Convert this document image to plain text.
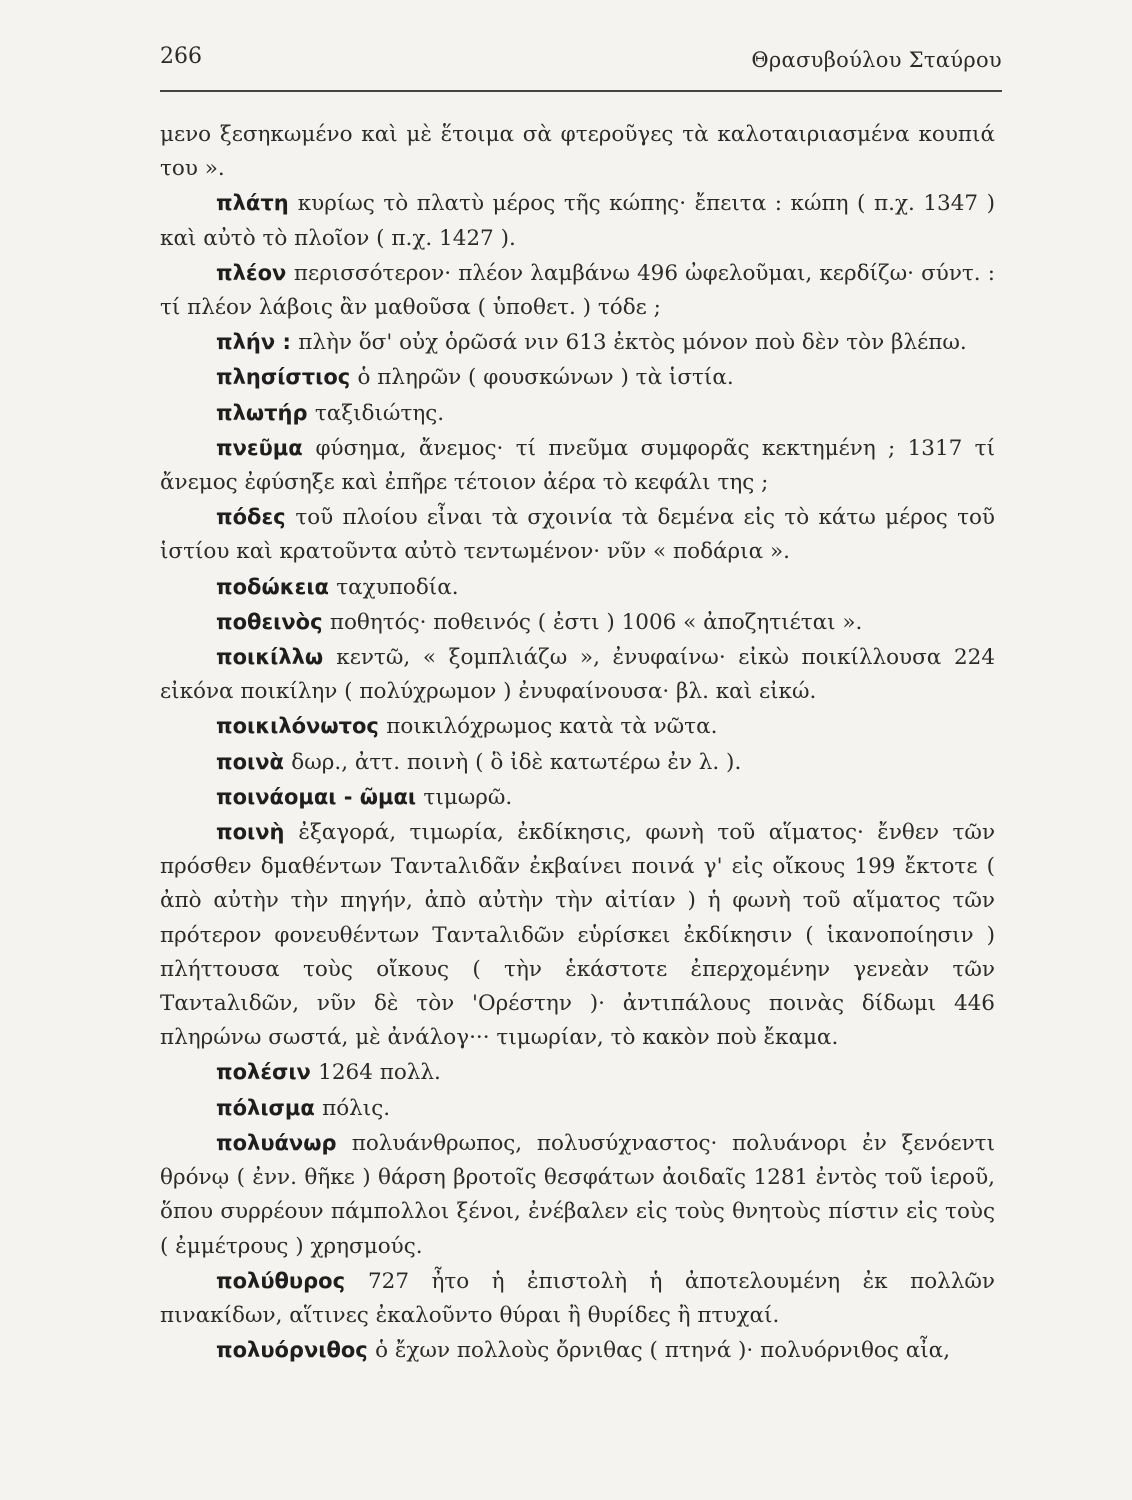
266	Θρασυβούλου Σταύρου

μενο ξεσηκωμένο καὶ μὲ ἕτοιμα σὰ φτεροῦγες τὰ καλοταιριασμένα κουπιά του ».

πλάτη κυρίως τὸ πλατὺ μέρος τῆς κώπης· ἔπειτα : κώπη ( π.χ. 1347 ) καὶ αὐτὸ τὸ πλοῖον ( π.χ. 1427 ).

πλέον περισσότερον· πλέον λαμβάνω 496 ὠφελοῦμαι, κερδίζω· σύντ. : τί πλέον λάβοις ἂν μαθοῦσα ( ὑποθετ. ) τόδε ;

πλήν : πλὴν ὅσ' οὐχ ὁρῶσά νιν 613 ἐκτὸς μόνον ποὺ δὲν τὸν βλέπω.

πλησίστιος ὁ πληρῶν ( φουσκώνων ) τὰ ἱστία.

πλωτήρ ταξιδιώτης.

πνεῦμα φύσημα, ἄνεμος· τί πνεῦμα συμφορᾶς κεκτημένη ; 1317 τί ἄνεμος ἐφύσηξε καὶ ἐπῆρε τέτοιον ἀέρα τὸ κεφάλι της ;

πόδες τοῦ πλοίου εἶναι τὰ σχοινία τὰ δεμένα εἰς τὸ κάτω μέρος τοῦ ἱστίου καὶ κρατοῦντα αὐτὸ τεντωμένον· νῦν « ποδάρια ».

ποδώκεια ταχυποδία.

ποθεινὸς ποθητός· ποθεινός ( ἐστι ) 1006 « ἀποζητιέται ».

ποικίλλω κεντῶ, « ξομπλιάζω », ἐνυφαίνω· εἰκὼ ποικίλλουσα 224 εἰκόνα ποικίλην ( πολύχρωμον ) ἐνυφαίνουσα· βλ. καὶ εἰκώ.

ποικιλόνωτος ποικιλόχρωμος κατὰ τὰ νῶτα.

ποινὰ δωρ., ἀττ. ποινὴ ( ὃ ἰδὲ κατωτέρω ἐν λ. ).

ποινάομαι - ῶμαι τιμωρῶ.

ποινὴ ἐξαγορά, τιμωρία, ἐκδίκησις, φωνὴ τοῦ αἵματος· ἔνθεν τῶν πρόσθεν δμαθέντων Ταντaλιδᾶν ἐκβαίνει ποινά γ' εἰς οἴκους 199 ἔκτοτε ( ἀπὸ αὐτὴν τὴν πηγήν, ἀπὸ αὐτὴν τὴν αἰτίαν ) ἡ φωνὴ τοῦ αἵματος τῶν πρότερον φονευθέντων Ταντaλιδῶν εὑρίσκει ἐκδίκησιν ( ἱκανοποίησιν ) πλήττουσα τοὺς οἴκους ( τὴν ἑκάστοτε ἐπερχομένην γενεὰν τῶν Ταντaλιδῶν, νῦν δὲ τὸν 'Ορέστην )· ἀντιπάλους ποινὰς δίδωμι 446 πληρώνω σωστά, μὲ ἀνάλογ··· τιμωρίαν, τὸ κακὸν ποὺ ἔκαμα.

πολέσιν 1264 πολλ.

πόλισμα πόλις.

πολυάνωρ πολυάνθρωπος, πολυσύχναστος· πολυάνορι ἐν ξενόεντι θρόνῳ ( ἐνν. θῆκε ) θάρση βροτοῖς θεσφάτων ἀοιδαῖς 1281 ἐντὸς τοῦ ἱεροῦ, ὅπου συρρέουν πάμπολλοι ξένοι, ἐνέβαλεν εἰς τοὺς θνητοὺς πίστιν εἰς τοὺς ( ἐμμέτρους ) χρησμούς.

πολύθυρος 727 ἦτο ἡ ἐπιστολὴ ἡ ἀποτελουμένη ἐκ πολλῶν πινακίδων, αἵτινες ἐκαλοῦντο θύραι ἢ θυρίδες ἢ πτυχαί.

πολυόρνιθος ὁ ἔχων πολλοὺς ὄρνιθας ( πτηνά )· πολυόρνιθος αἶα,
